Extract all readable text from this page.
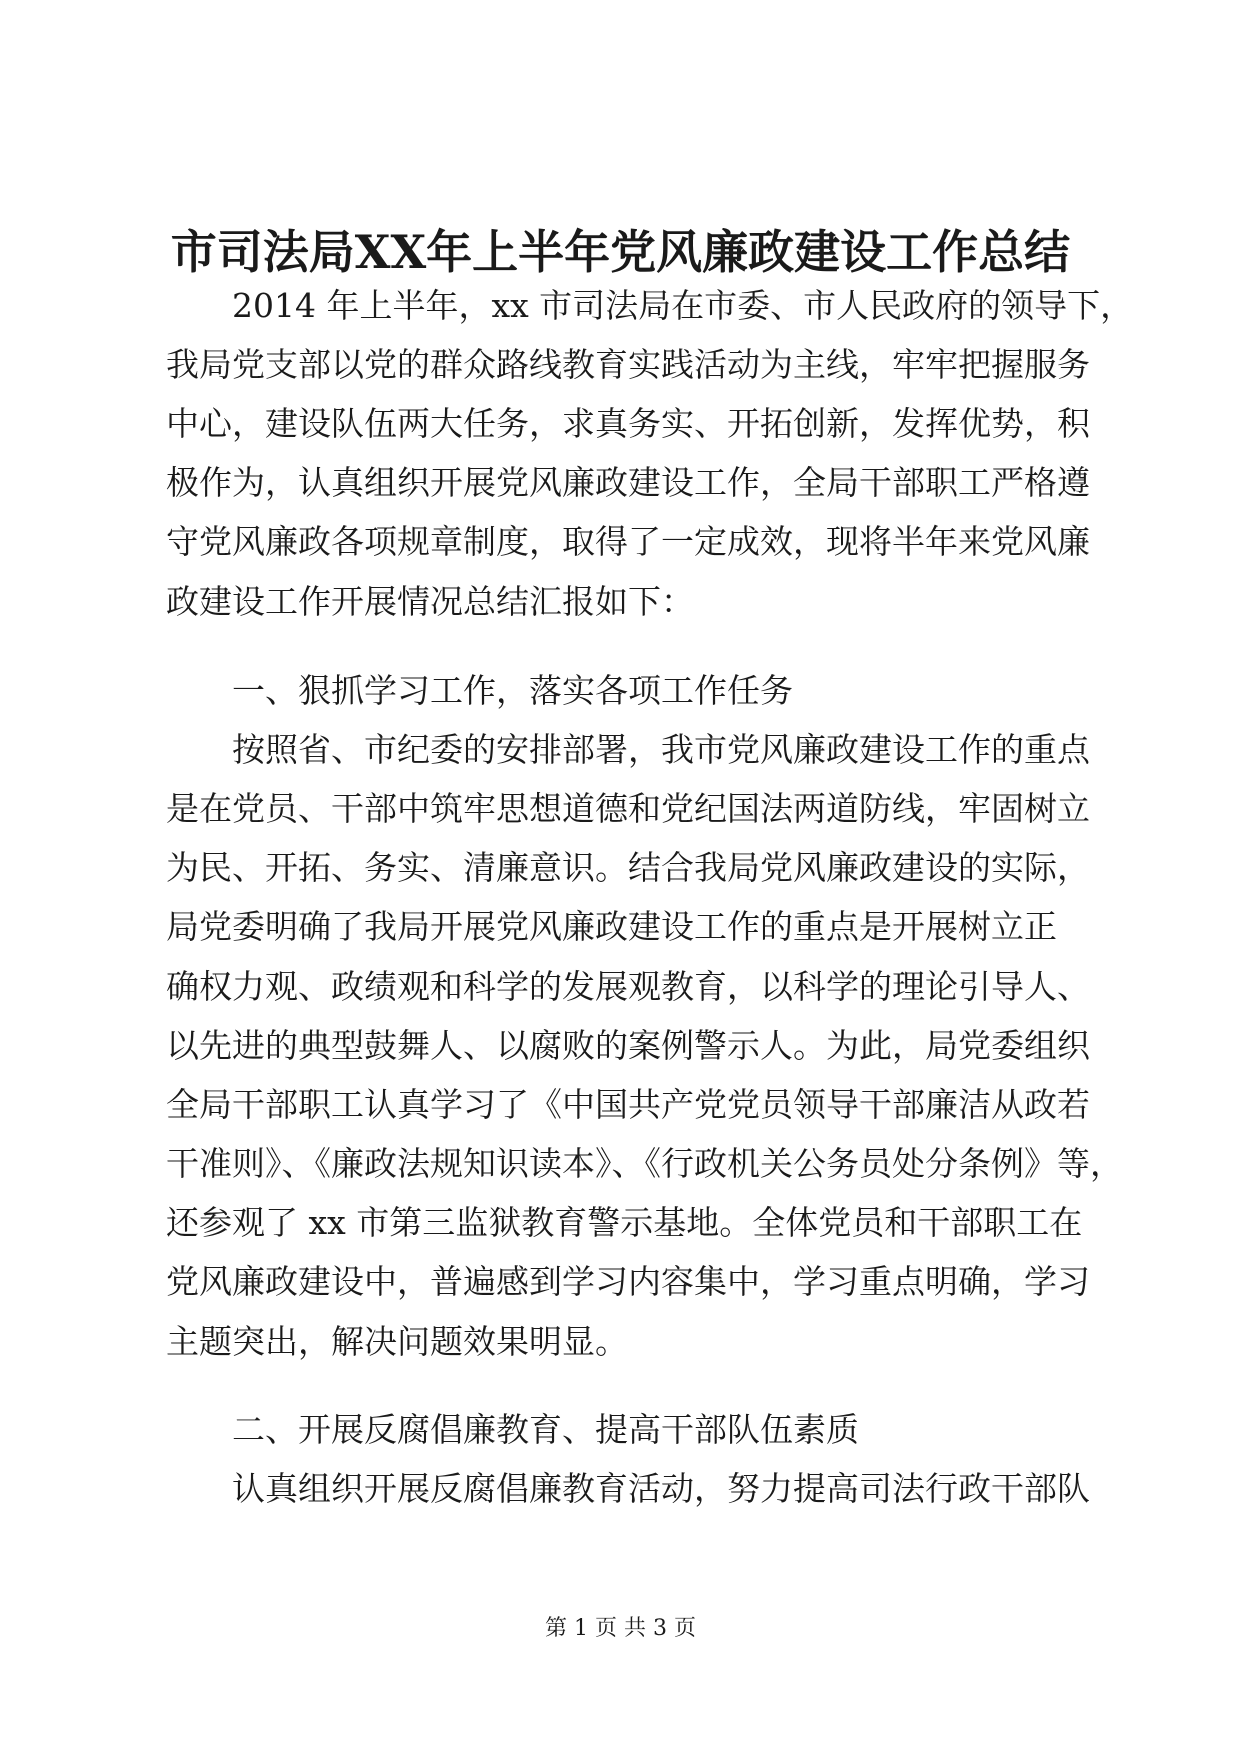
市司法局XX年上半年党风廉政建设工作总结
2014 年上半年，xx 市司法局在市委、市人民政府的领导下，
我局党支部以党的群众路线教育实践活动为主线，牢牢把握服务
中心，建设队伍两大任务，求真务实、开拓创新，发挥优势，积
极作为，认真组织开展党风廉政建设工作，全局干部职工严格遵
守党风廉政各项规章制度，取得了一定成效，现将半年来党风廉
政建设工作开展情况总结汇报如下：
一、狠抓学习工作，落实各项工作任务
按照省、市纪委的安排部署，我市党风廉政建设工作的重点
是在党员、干部中筑牢思想道德和党纪国法两道防线，牢固树立
为民、开拓、务实、清廉意识。结合我局党风廉政建设的实际，
局党委明确了我局开展党风廉政建设工作的重点是开展树立正
确权力观、政绩观和科学的发展观教育，以科学的理论引导人、
以先进的典型鼓舞人、以腐败的案例警示人。为此，局党委组织
全局干部职工认真学习了《中国共产党党员领导干部廉洁从政若
干准则》、《廉政法规知识读本》、《行政机关公务员处分条例》等，
还参观了 xx 市第三监狱教育警示基地。全体党员和干部职工在
党风廉政建设中，普遍感到学习内容集中，学习重点明确，学习
主题突出，解决问题效果明显。
二、开展反腐倡廉教育、提高干部队伍素质
认真组织开展反腐倡廉教育活动，努力提高司法行政干部队
第 1 页 共 3 页
